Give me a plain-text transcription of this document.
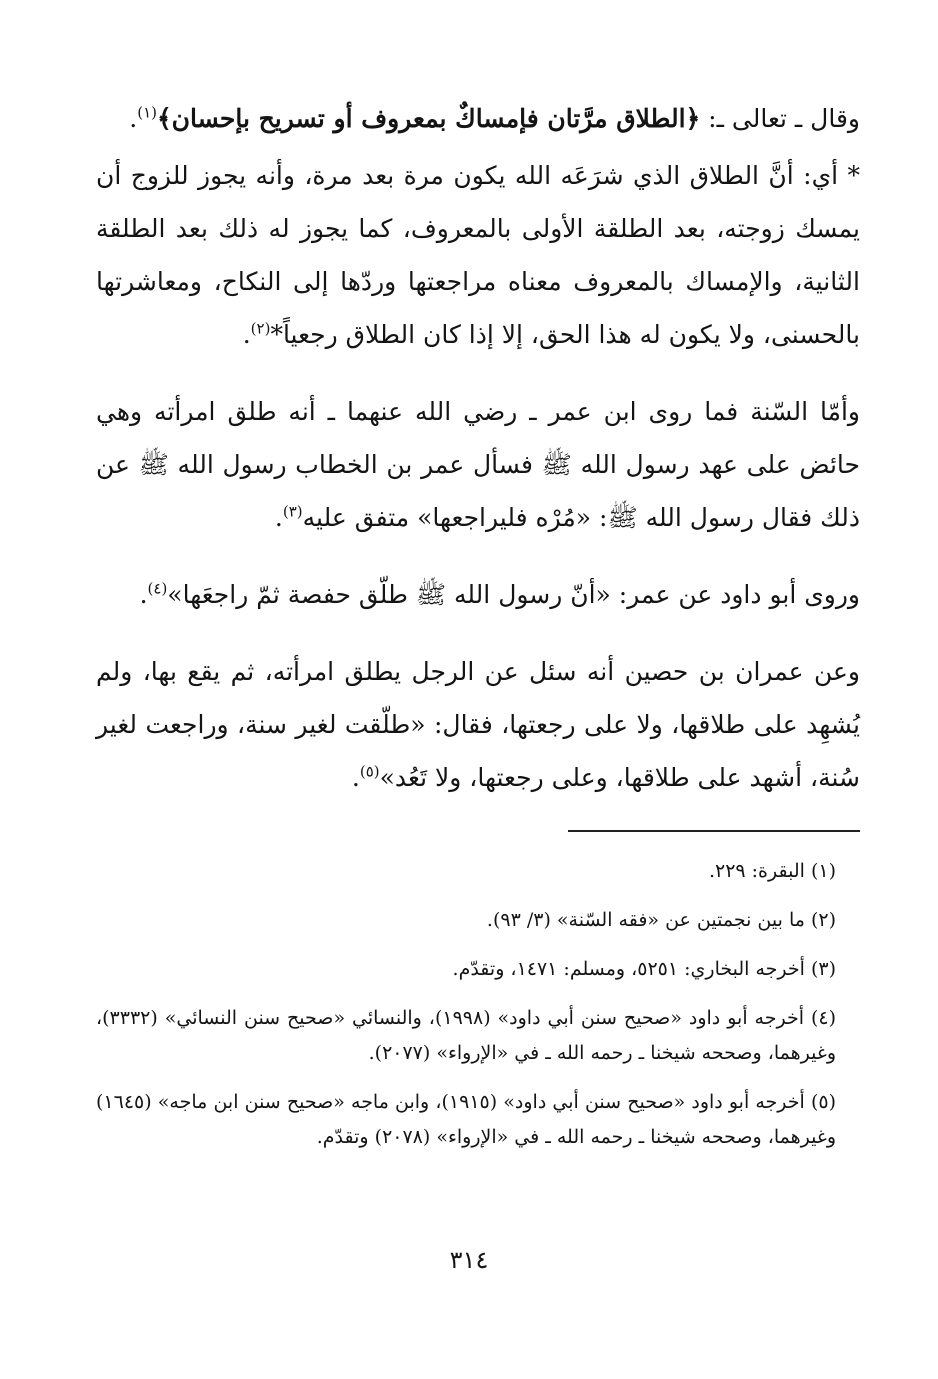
وقال ـ تعالى ـ: ﴿الطلاق مرَّتان فإمساكٌ بمعروف أو تسريح بإحسان﴾$^{(١)}$.

* أي: أنَّ الطلاق الذي شرَعَه الله يكون مرة بعد مرة، وأنه يجوز للزوج أن يمسك زوجته، بعد الطلقة الأولى بالمعروف، كما يجوز له ذلك بعد الطلقة الثانية، والإمساك بالمعروف معناه مراجعتها وردّها إلى النكاح، ومعاشرتها بالحسنى، ولا يكون له هذا الحق، إلا إذا كان الطلاق رجعياً*$^{(٢)}$.

وأمّا السّنة فما روى ابن عمر ـ رضي الله عنهما ـ أنه طلق امرأته وهي حائض على عهد رسول الله ﷺ فسأل عمر بن الخطاب رسول الله ﷺ عن ذلك فقال رسول الله ﷺ: «مُرْه فليراجعها» متفق عليه$^{(٣)}$.

وروى أبو داود عن عمر: «أنّ رسول الله ﷺ طلّق حفصة ثمّ راجعَها»$^{(٤)}$.

وعن عمران بن حصين أنه سئل عن الرجل يطلق امرأته، ثم يقع بها، ولم يُشهِد على طلاقها، ولا على رجعتها، فقال: «طلّقت لغير سنة، وراجعت لغير سُنة، أشهد على طلاقها، وعلى رجعتها، ولا تَعُد»$^{(٥)}$.

(١) البقرة: ٢٢٩.

(٢) ما بين نجمتين عن «فقه السّنة» (٣/ ٩٣).

(٣) أخرجه البخاري: ٥٢٥١، ومسلم: ١٤٧١، وتقدّم.

(٤) أخرجه أبو داود «صحيح سنن أبي داود» (١٩٩٨)، والنسائي «صحيح سنن النسائي» (٣٣٣٢)، وغيرهما، وصححه شيخنا ـ رحمه الله ـ في «الإرواء» (٢٠٧٧).

(٥) أخرجه أبو داود «صحيح سنن أبي داود» (١٩١٥)، وابن ماجه «صحيح سنن ابن ماجه» (١٦٤٥) وغيرهما، وصححه شيخنا ـ رحمه الله ـ في «الإرواء» (٢٠٧٨) وتقدّم.

٣١٤
